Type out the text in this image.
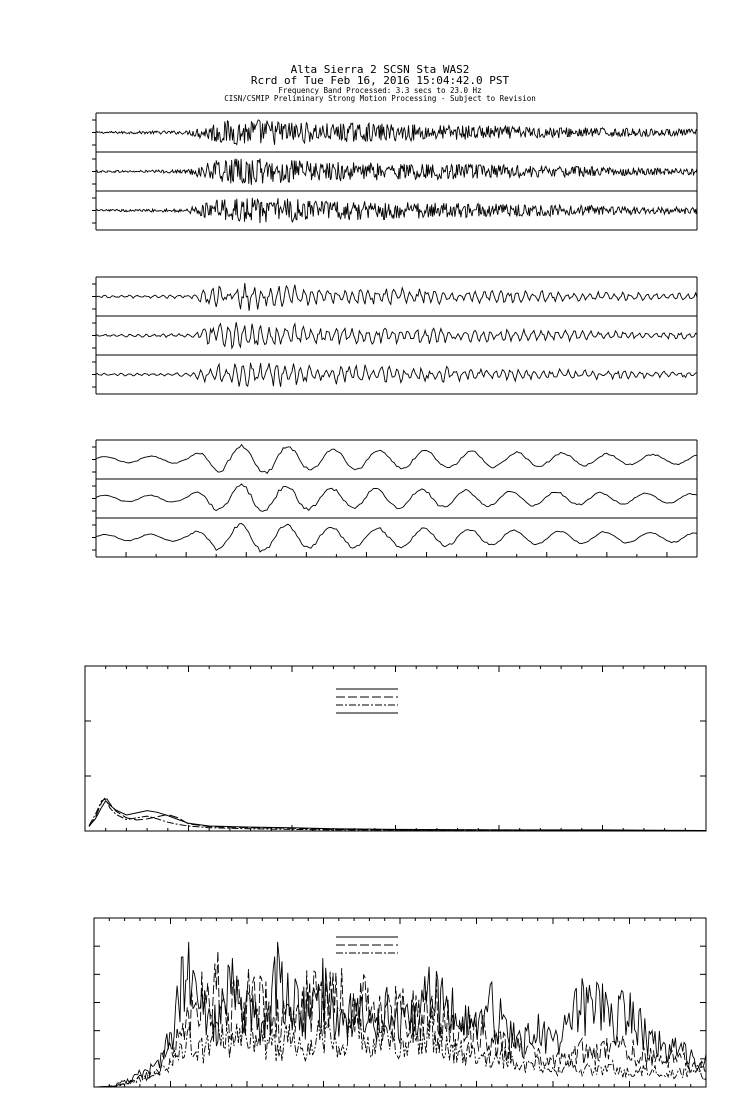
Alta Sierra 2 SCSN Sta WAS2
Rcrd of Tue Feb 16, 2016 15:04:42.0 PST
Frequency Band Processed: 3.3 secs to 23.0 Hz
CISN/CSMIP Preliminary Strong Motion Processing - Subject to Revision
